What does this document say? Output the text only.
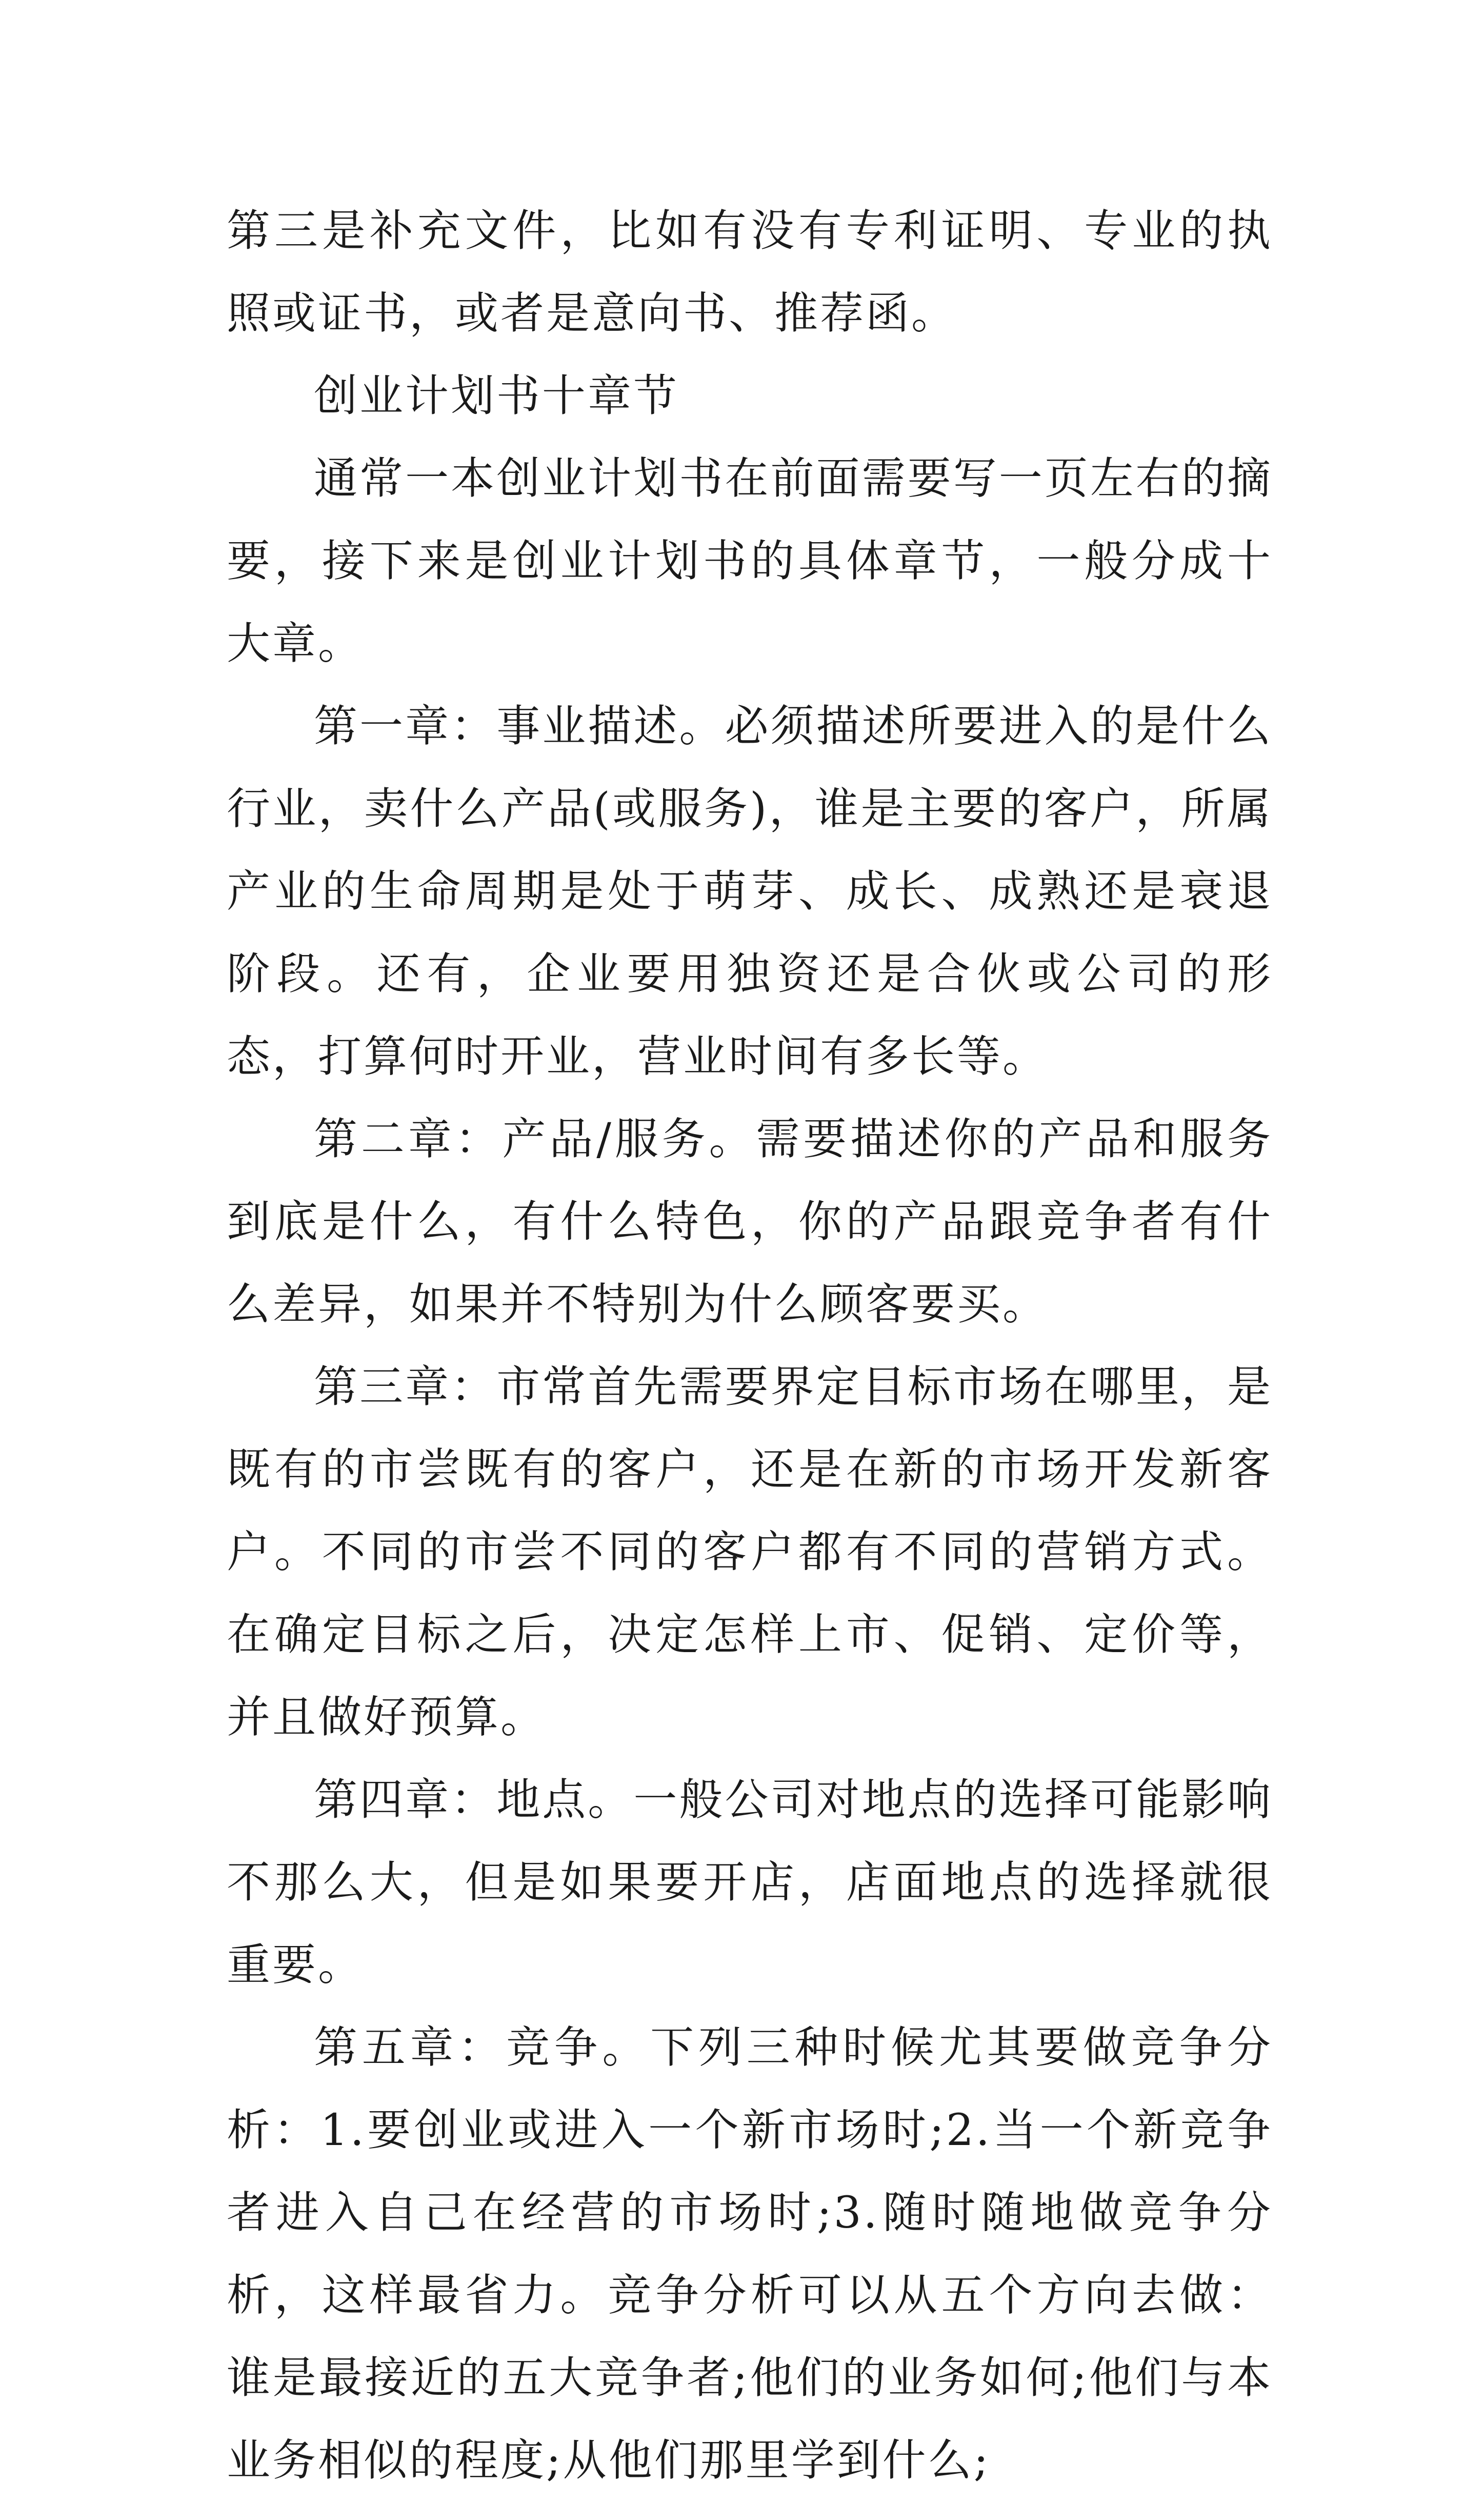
第三是补充文件，比如有没有专利证明、专业的执照或证书，或者是意向书、推荐函。

创业计划书十章节

通常一本创业计划书在前面需要写一页左右的摘要，接下来是创业计划书的具体章节，一般分成十大章。

第一章：事业描述。必须描述所要进入的是什么行业，卖什么产品(或服务)，谁是主要的客户，所属产业的生命周期是处于萌芽、成长、成熟还是衰退阶段。还有，企业要用独资还是合伙或公司的形态，打算何时开业，营业时间有多长等。

第二章：产品/服务。需要描述你的产品和服务到底是什么，有什么特色，你的产品跟竞争者有什么差异，如果并不特别为什么顾客要买。

第三章：市常首先需要界定目标市场在哪里，是既有的市尝既有的客户，还是在新的市场开发新客户。不同的市尝不同的客户都有不同的营销方式。在确定目标之后，决定怎样上市、促销、定价等，并且做好预算。

第四章：地点。一般公司对地点的选择可能影响不那么大，但是如果要开店，店面地点的选择就很重要。

第五章：竞争。下列三种时候尤其要做竞争分析：1.要创业或进入一个新市场时;2.当一个新竞争者进入自己在经营的市场时;3.随时随地做竞争分析，这样最省力。竞争分析可以从五个方向去做：谁是最接近的五大竞争者;他们的业务如何;他们与本业务相似的程度;从他们那里学到什么;
